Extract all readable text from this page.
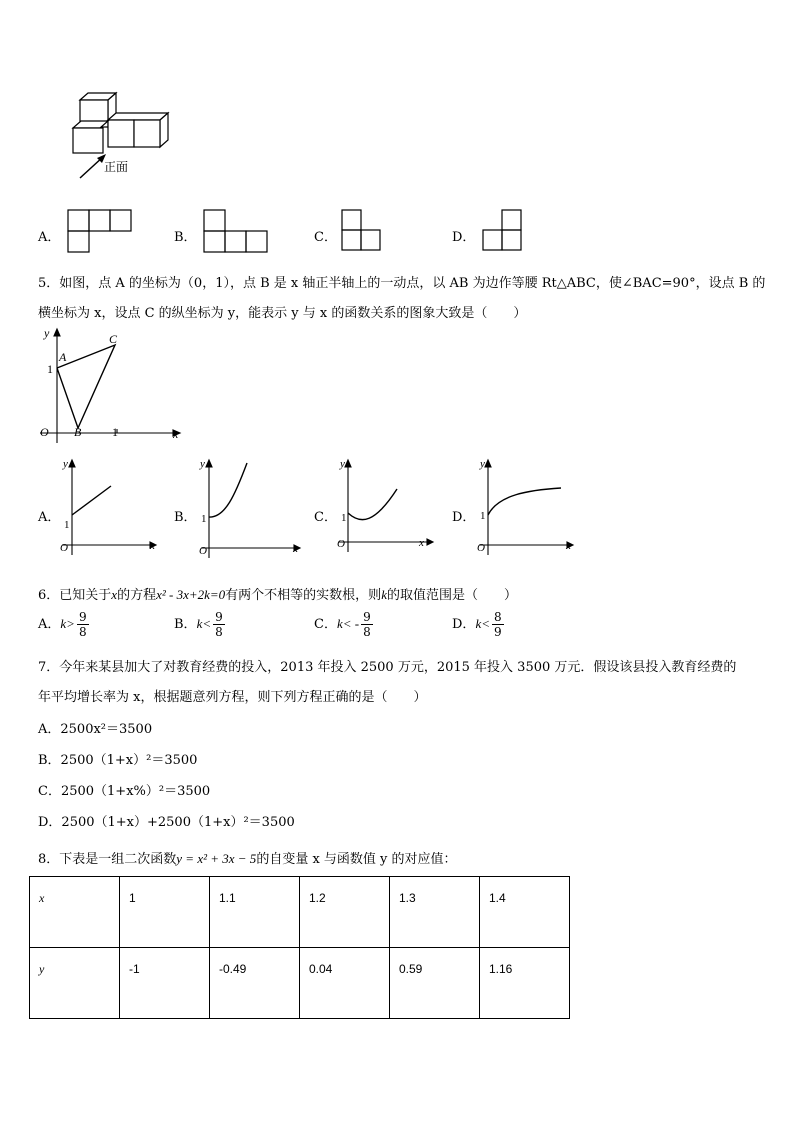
正面
A．	B．	C．	D．
5．如图，点 A 的坐标为（0，1），点 B 是 x 轴正半轴上的一动点，以 AB 为边作等腰 Rt△ABC，使∠BAC=90°，设点 B 的
横坐标为 x，设点 C 的纵坐标为 y，能表示 y 与 x 的函数关系的图象大致是（　　）
y
A
C
1
O B	1	x
A．
y
1
O	x
B．
y
1
O	x
C．
y
1
O	x
D．
y
1
O	x
6．已知关于x的方程x² - 3x+2k=0有两个不相等的实数根，则k的取值范围是（　　）
A．$k> \frac{9}{8}$	B．$k< \frac{9}{8}$	C．$k< - \frac{9}{8}$	D．$k< \frac{8}{9}$
7．今年来某县加大了对教育经费的投入，2013 年投入 2500 万元，2015 年投入 3500 万元．假设该县投入教育经费的
年平均增长率为 x，根据题意列方程，则下列方程正确的是（　　）
A．2500x²＝3500
B．2500（1+x）²＝3500
C．2500（1+x%）²＝3500
D．2500（1+x）+2500（1+x）²＝3500
8．下表是一组二次函数y = x² + 3x − 5的自变量 x 与函数值 y 的对应值：
x	1	1.1	1.2	1.3	1.4
y	-1	-0.49	0.04	0.59	1.16
